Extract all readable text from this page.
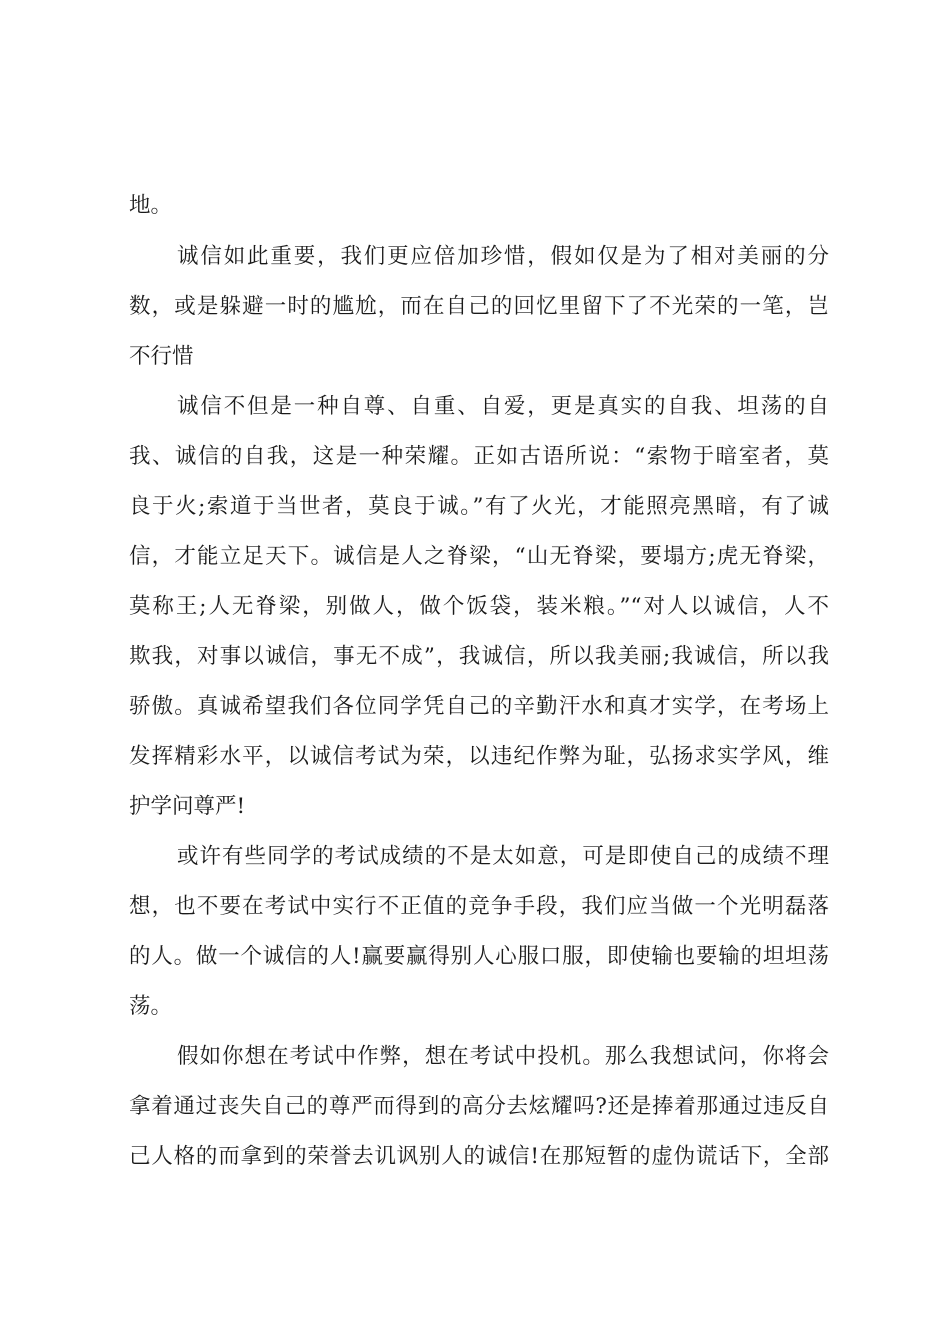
地。
诚信如此重要，我们更应倍加珍惜，假如仅是为了相对美丽的分
数，或是躲避一时的尴尬，而在自己的回忆里留下了不光荣的一笔，岂
不行惜
诚信不但是一种自尊、自重、自爱，更是真实的自我、坦荡的自
我、诚信的自我，这是一种荣耀。正如古语所说：“索物于暗室者，莫
良于火;索道于当世者，莫良于诚。”有了火光，才能照亮黑暗，有了诚
信，才能立足天下。诚信是人之脊梁，“山无脊梁，要塌方;虎无脊梁，
莫称王;人无脊梁，别做人，做个饭袋，装米粮。”“对人以诚信，人不
欺我，对事以诚信，事无不成”，我诚信，所以我美丽;我诚信，所以我
骄傲。真诚希望我们各位同学凭自己的辛勤汗水和真才实学，在考场上
发挥精彩水平，以诚信考试为荣，以违纪作弊为耻，弘扬求实学风，维
护学问尊严!
或许有些同学的考试成绩的不是太如意，可是即使自己的成绩不理
想，也不要在考试中实行不正值的竞争手段，我们应当做一个光明磊落
的人。做一个诚信的人!赢要赢得别人心服口服，即使输也要输的坦坦荡
荡。
假如你想在考试中作弊，想在考试中投机。那么我想试问，你将会
拿着通过丧失自己的尊严而得到的高分去炫耀吗?还是捧着那通过违反自
己人格的而拿到的荣誉去讥讽别人的诚信!在那短暂的虚伪谎话下，全部
